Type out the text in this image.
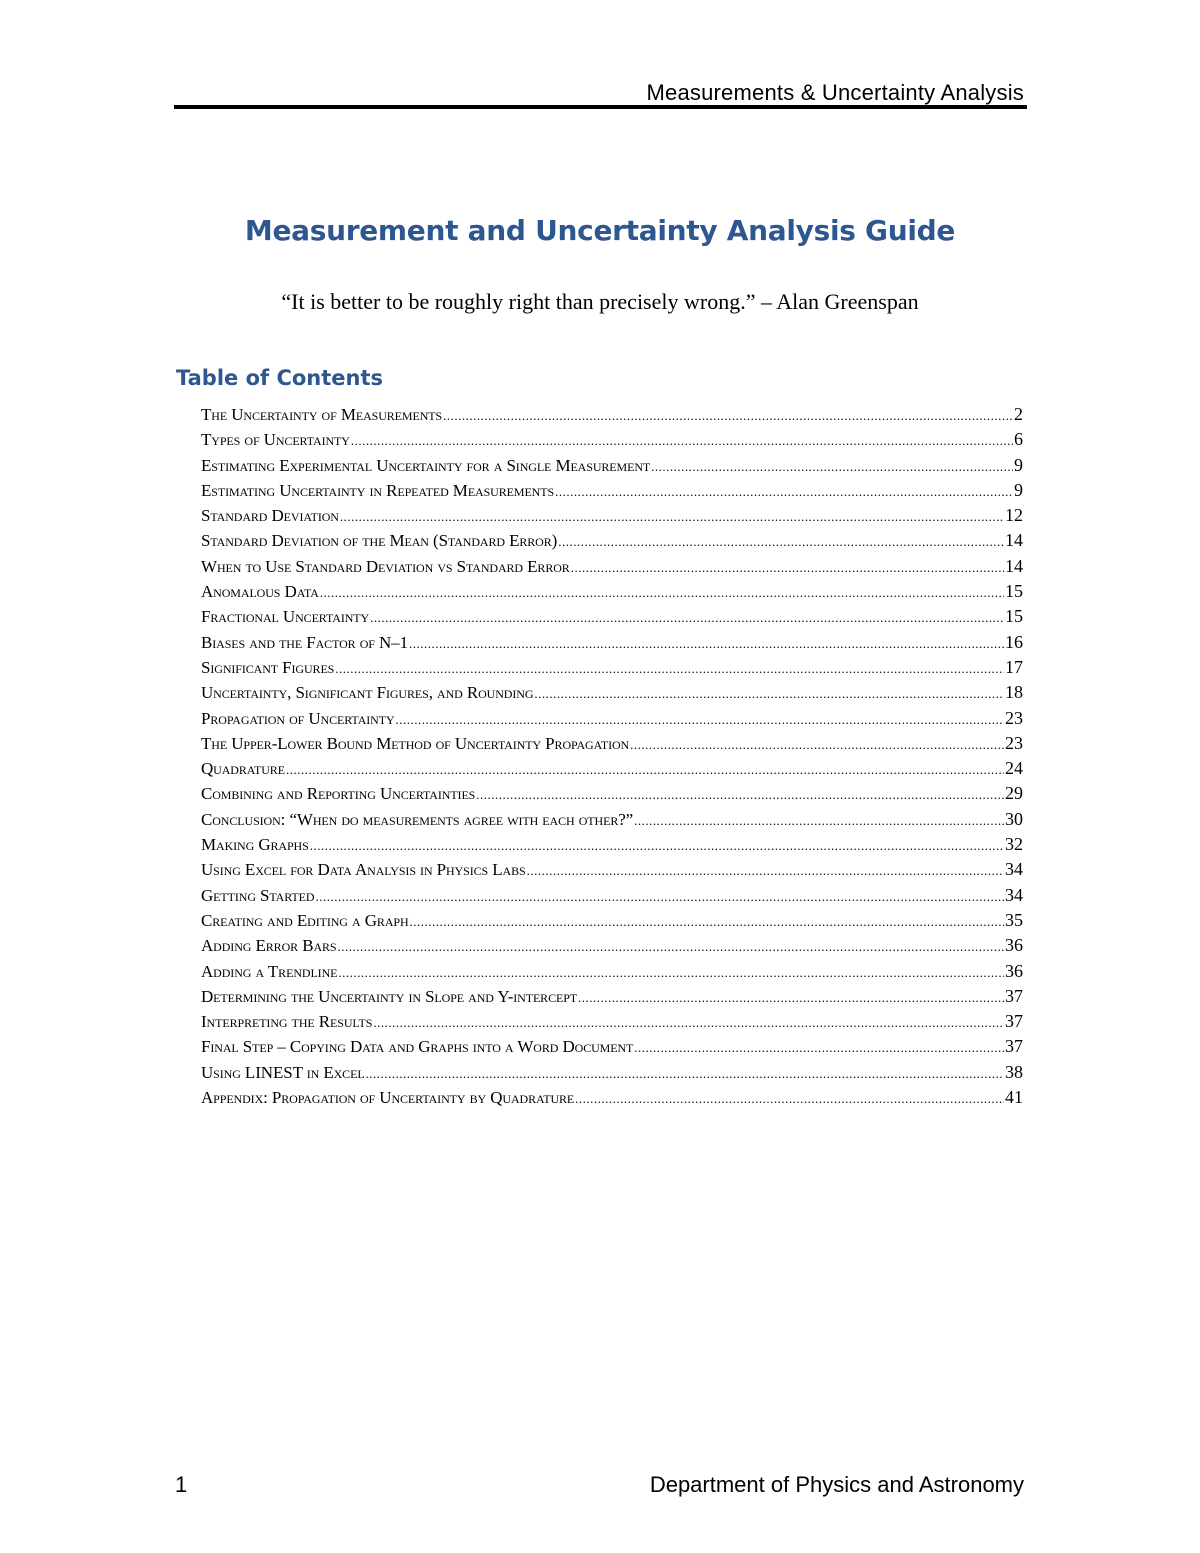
Measurements & Uncertainty Analysis
Measurement and Uncertainty Analysis Guide
“It is better to be roughly right than precisely wrong.” – Alan Greenspan
Table of Contents
The Uncertainty of Measurements .....	2
Types of Uncertainty .....	6
Estimating Experimental Uncertainty for a Single Measurement .....	9
Estimating Uncertainty in Repeated Measurements .....	9
Standard Deviation .....	12
Standard Deviation of the Mean (Standard Error) .....	14
When to Use Standard Deviation vs Standard Error .....	14
Anomalous Data .....	15
Fractional Uncertainty .....	15
Biases and the Factor of N–1 .....	16
Significant Figures .....	17
Uncertainty, Significant Figures, and Rounding .....	18
Propagation of Uncertainty .....	23
The Upper-Lower Bound Method of Uncertainty Propagation .....	23
Quadrature .....	24
Combining and Reporting Uncertainties .....	29
Conclusion: “When do measurements agree with each other?” .....	30
Making Graphs .....	32
Using Excel for Data Analysis in Physics Labs .....	34
Getting Started .....	34
Creating and Editing a Graph .....	35
Adding Error Bars .....	36
Adding a Trendline .....	36
Determining the Uncertainty in Slope and Y-intercept .....	37
Interpreting the Results .....	37
Final Step – Copying Data and Graphs into a Word Document .....	37
Using LINEST in Excel .....	38
Appendix: Propagation of Uncertainty by Quadrature .....	41
1	Department of Physics and Astronomy
